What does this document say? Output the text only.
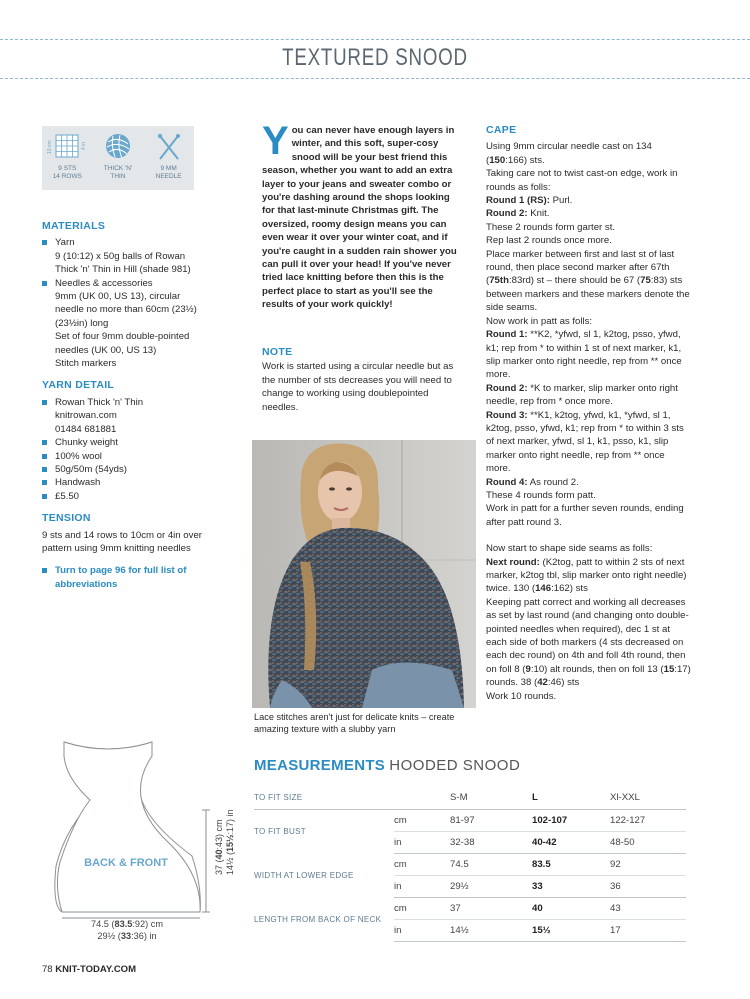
TEXTURED SNOOD
10 cm	4 in
9 STS
14 ROWS
THICK 'N'
THIN
9 MM
NEEDLE
MATERIALS
Yarn
9 (10:12) x 50g balls of Rowan Thick 'n' Thin in Hill (shade 981)
Needles & accessories
9mm (UK 00, US 13), circular needle no more than 60cm (23½) (23½in) long
Set of four 9mm double-pointed needles (UK 00, US 13)
Stitch markers
YARN DETAIL
Rowan Thick 'n' Thin
knitrowan.com
01484 681881
Chunky weight
100% wool
50g/50m (54yds)
Handwash
£5.50
TENSION
9 sts and 14 rows to 10cm or 4in over pattern using 9mm knitting needles
Turn to page 96 for full list of abbreviations
You can never have enough layers in winter, and this soft, super-cosy snood will be your best friend this season, whether you want to add an extra layer to your jeans and sweater combo or you're dashing around the shops looking for that last-minute Christmas gift. The oversized, roomy design means you can even wear it over your winter coat, and if you're caught in a sudden rain shower you can pull it over your head! If you've never tried lace knitting before then this is the perfect place to start as you'll see the results of your work quickly!
NOTE
Work is started using a circular needle but as the number of sts decreases you will need to change to working using doublepointed needles.
Lace stitches aren't just for delicate knits – create amazing texture with a slubby yarn
CAPE
Using 9mm circular needle cast on 134 (150:166) sts.
Taking care not to twist cast-on edge, work in rounds as folls:
Round 1 (RS): Purl.
Round 2: Knit.
These 2 rounds form garter st.
Rep last 2 rounds once more.
Place marker between first and last st of last round, then place second marker after 67th (75th:83rd) st – there should be 67 (75:83) sts between markers and these markers denote the side seams.
Now work in patt as folls:
Round 1: **K2, *yfwd, sl 1, k2tog, psso, yfwd, k1; rep from * to within 1 st of next marker, k1, slip marker onto right needle, rep from ** once more.
Round 2: *K to marker, slip marker onto right needle, rep from * once more.
Round 3: **K1, k2tog, yfwd, k1, *yfwd, sl 1, k2tog, psso, yfwd, k1; rep from * to within 3 sts of next marker, yfwd, sl 1, k1, psso, k1, slip marker onto right needle, rep from ** once more.
Round 4: As round 2.
These 4 rounds form patt.
Work in patt for a further seven rounds, ending after patt round 3.
Now start to shape side seams as folls:
Next round: (K2tog, patt to within 2 sts of next marker, k2tog tbl, slip marker onto right needle) twice. 130 (146:162) sts
Keeping patt correct and working all decreases as set by last round (and changing onto double-pointed needles when required), dec 1 st at each side of both markers (4 sts decreased on each dec round) on 4th and foll 4th round, then on foll 8 (9:10) alt rounds, then on foll 13 (15:17) rounds. 38 (42:46) sts
Work 10 rounds.
MEASUREMENTS HOODED SNOOD
TO FIT SIZE		S-M	L	Xl-XXL
TO FIT BUST	cm	81-97	102-107	122-127
	in	32-38	40-42	48-50
WIDTH AT LOWER EDGE	cm	74.5	83.5	92
	in	29½	33	36
LENGTH FROM BACK OF NECK	cm	37	40	43
	in	14½	15½	17
BACK & FRONT
74.5 (83.5:92) cm
29½ (33:36) in
37 (40:43) cm
14½ (15½:17) in
78 KNIT-TODAY.COM
